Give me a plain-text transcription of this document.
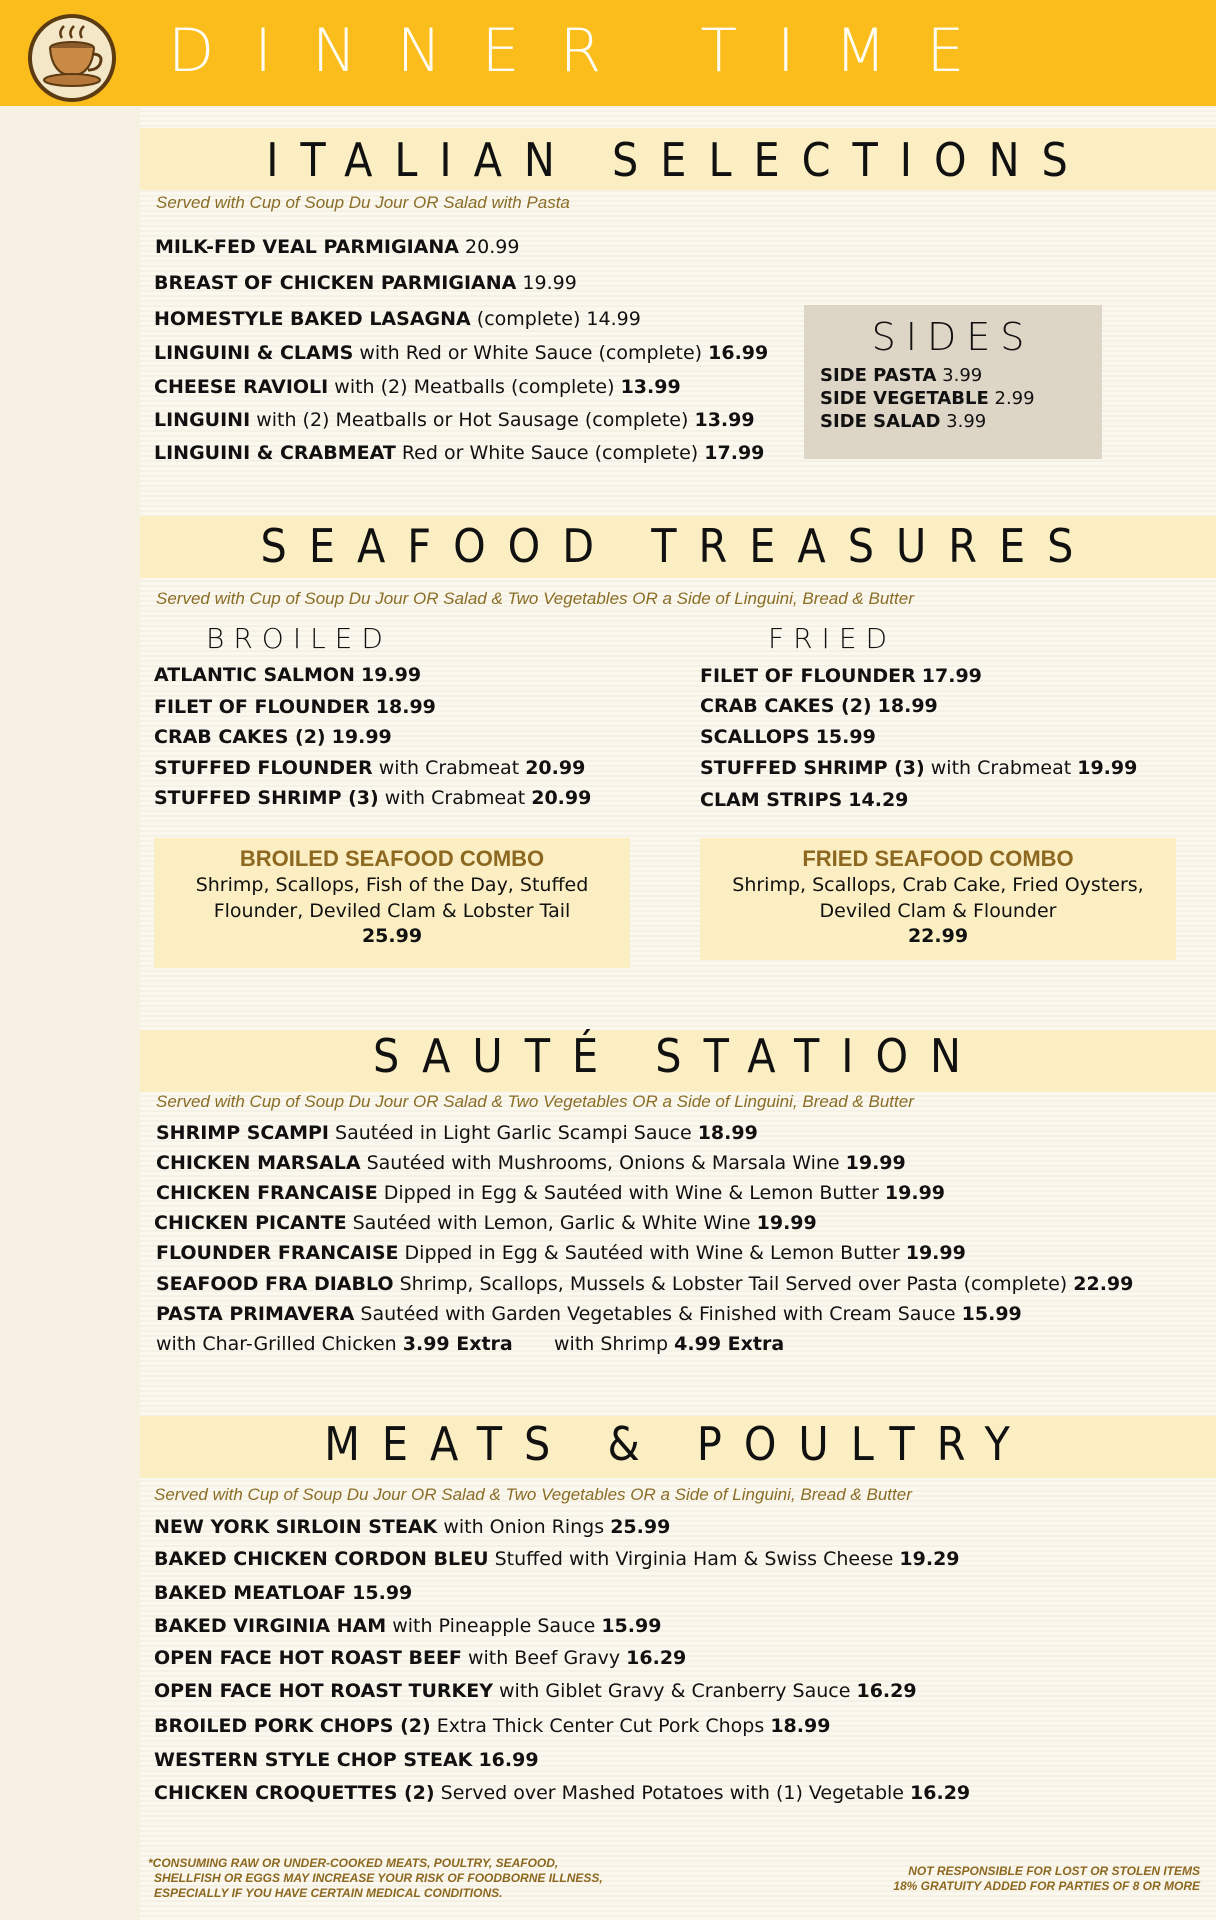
DINNER TIME
ITALIAN SELECTIONS
Served with Cup of Soup Du Jour OR Salad with Pasta
MILK-FED VEAL PARMIGIANA 20.99
BREAST OF CHICKEN PARMIGIANA 19.99
HOMESTYLE BAKED LASAGNA (complete) 14.99
LINGUINI & CLAMS with Red or White Sauce (complete) 16.99
CHEESE RAVIOLI with (2) Meatballs (complete) 13.99
LINGUINI with (2) Meatballs or Hot Sausage (complete) 13.99
LINGUINI & CRABMEAT Red or White Sauce (complete) 17.99
SIDES
SIDE PASTA 3.99
SIDE VEGETABLE 2.99
SIDE SALAD 3.99
SEAFOOD TREASURES
Served with Cup of Soup Du Jour OR Salad & Two Vegetables OR a Side of Linguini, Bread & Butter
BROILED	FRIED
ATLANTIC SALMON 19.99
FILET OF FLOUNDER 18.99
CRAB CAKES (2) 19.99
STUFFED FLOUNDER with Crabmeat 20.99
STUFFED SHRIMP (3) with Crabmeat 20.99
FILET OF FLOUNDER 17.99
CRAB CAKES (2) 18.99
SCALLOPS 15.99
STUFFED SHRIMP (3) with Crabmeat 19.99
CLAM STRIPS 14.29
BROILED SEAFOOD COMBO
Shrimp, Scallops, Fish of the Day, Stuffed
Flounder, Deviled Clam & Lobster Tail
25.99
FRIED SEAFOOD COMBO
Shrimp, Scallops, Crab Cake, Fried Oysters,
Deviled Clam & Flounder
22.99
SAUTÉ STATION
Served with Cup of Soup Du Jour OR Salad & Two Vegetables OR a Side of Linguini, Bread & Butter
SHRIMP SCAMPI Sautéed in Light Garlic Scampi Sauce 18.99
CHICKEN MARSALA Sautéed with Mushrooms, Onions & Marsala Wine 19.99
CHICKEN FRANCAISE Dipped in Egg & Sautéed with Wine & Lemon Butter 19.99
CHICKEN PICANTE Sautéed with Lemon, Garlic & White Wine 19.99
FLOUNDER FRANCAISE Dipped in Egg & Sautéed with Wine & Lemon Butter 19.99
SEAFOOD FRA DIABLO Shrimp, Scallops, Mussels & Lobster Tail Served over Pasta (complete) 22.99
PASTA PRIMAVERA Sautéed with Garden Vegetables & Finished with Cream Sauce 15.99
with Char-Grilled Chicken 3.99 Extra with Shrimp 4.99 Extra
MEATS & POULTRY
Served with Cup of Soup Du Jour OR Salad & Two Vegetables OR a Side of Linguini, Bread & Butter
NEW YORK SIRLOIN STEAK with Onion Rings 25.99
BAKED CHICKEN CORDON BLEU Stuffed with Virginia Ham & Swiss Cheese 19.29
BAKED MEATLOAF 15.99
BAKED VIRGINIA HAM with Pineapple Sauce 15.99
OPEN FACE HOT ROAST BEEF with Beef Gravy 16.29
OPEN FACE HOT ROAST TURKEY with Giblet Gravy & Cranberry Sauce 16.29
BROILED PORK CHOPS (2) Extra Thick Center Cut Pork Chops 18.99
WESTERN STYLE CHOP STEAK 16.99
CHICKEN CROQUETTES (2) Served over Mashed Potatoes with (1) Vegetable 16.29
*CONSUMING RAW OR UNDER-COOKED MEATS, POULTRY, SEAFOOD,
SHELLFISH OR EGGS MAY INCREASE YOUR RISK OF FOODBORNE ILLNESS,
ESPECIALLY IF YOU HAVE CERTAIN MEDICAL CONDITIONS.
NOT RESPONSIBLE FOR LOST OR STOLEN ITEMS
18% GRATUITY ADDED FOR PARTIES OF 8 OR MORE
